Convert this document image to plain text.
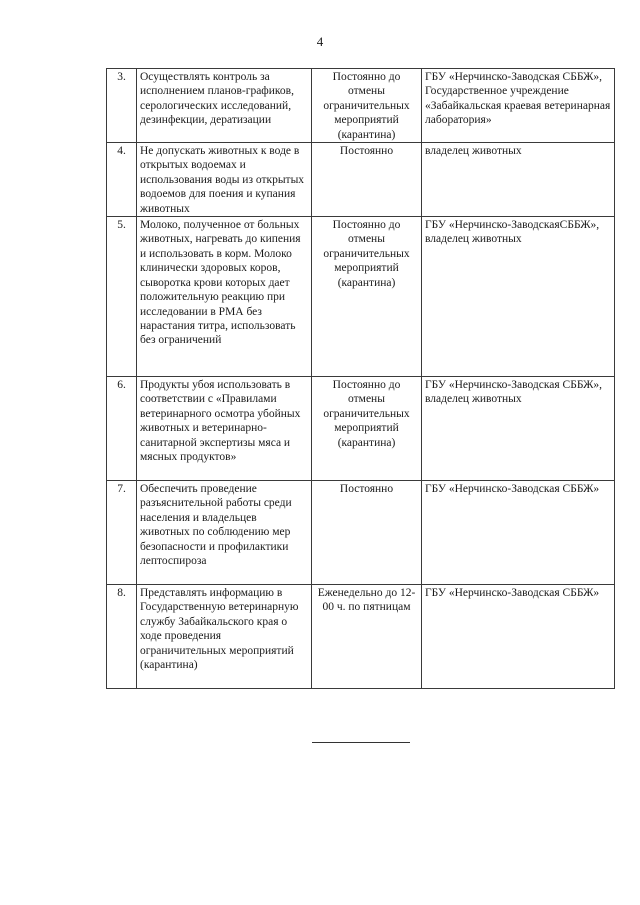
4
3.	Осуществлять контроль за исполнением планов-графиков, серологических исследований, дезинфекции, дератизации	Постоянно до отмены ограничительных мероприятий (карантина)	ГБУ «Нерчинско-Заводская СББЖ», Государственное учреждение «Забайкальская краевая ветеринарная лаборатория»
4.	Не допускать животных к воде в открытых водоемах и использования воды из открытых водоемов для поения и купания животных	Постоянно	владелец животных
5.	Молоко, полученное от больных животных, нагревать до кипения и использовать в корм. Молоко клинически здоровых коров, сыворотка крови которых дает положительную реакцию при исследовании в РМА без нарастания титра, использовать без ограничений	Постоянно до отмены ограничительных мероприятий (карантина)	ГБУ «Нерчинско-ЗаводскаяСББЖ», владелец животных
6.	Продукты убоя использовать в соответствии с «Правилами ветеринарного осмотра убойных животных и ветеринарно-санитарной экспертизы мяса и мясных продуктов»	Постоянно до отмены ограничительных мероприятий (карантина)	ГБУ «Нерчинско-Заводская СББЖ», владелец животных
7.	Обеспечить проведение разъяснительной работы среди населения и владельцев животных по соблюдению мер безопасности и профилактики лептоспироза	Постоянно	ГБУ «Нерчинско-Заводская СББЖ»
8.	Представлять информацию в Государственную ветеринарную службу Забайкальского края о ходе проведения ограничительных мероприятий (карантина)	Еженедельно до 12-00 ч. по пятницам	ГБУ «Нерчинско-Заводская СББЖ»
